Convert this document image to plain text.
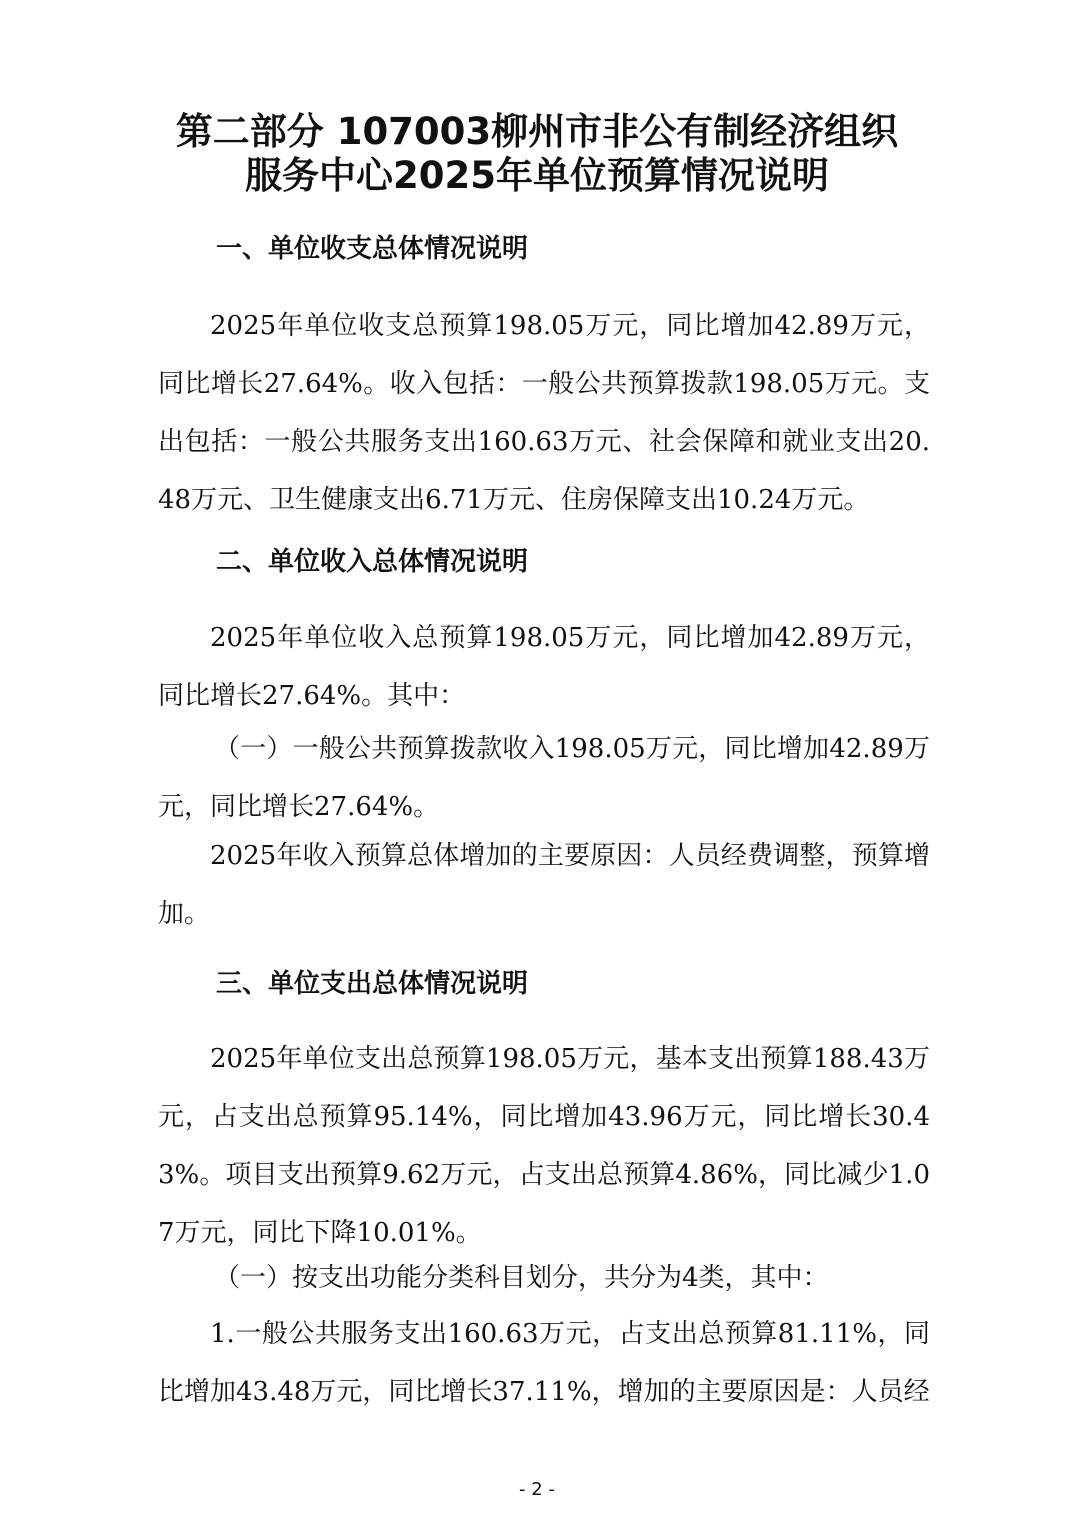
第二部分 107003柳州市非公有制经济组织
服务中心2025年单位预算情况说明
一、单位收支总体情况说明

2025年单位收支总预算198.05万元，同比增加42.89万元，同比增长27.64%。收入包括：一般公共预算拨款198.05万元。支出包括：一般公共服务支出160.63万元、社会保障和就业支出20.48万元、卫生健康支出6.71万元、住房保障支出10.24万元。

二、单位收入总体情况说明

2025年单位收入总预算198.05万元，同比增加42.89万元，同比增长27.64%。其中：

（一）一般公共预算拨款收入198.05万元，同比增加42.89万元，同比增长27.64%。

2025年收入预算总体增加的主要原因：人员经费调整，预算增加。

三、单位支出总体情况说明

2025年单位支出总预算198.05万元，基本支出预算188.43万元，占支出总预算95.14%，同比增加43.96万元，同比增长30.43%。项目支出预算9.62万元，占支出总预算4.86%，同比减少1.07万元，同比下降10.01%。

（一）按支出功能分类科目划分，共分为4类，其中：

1.一般公共服务支出160.63万元，占支出总预算81.11%，同比增加43.48万元，同比增长37.11%，增加的主要原因是：人员经

- 2 -
